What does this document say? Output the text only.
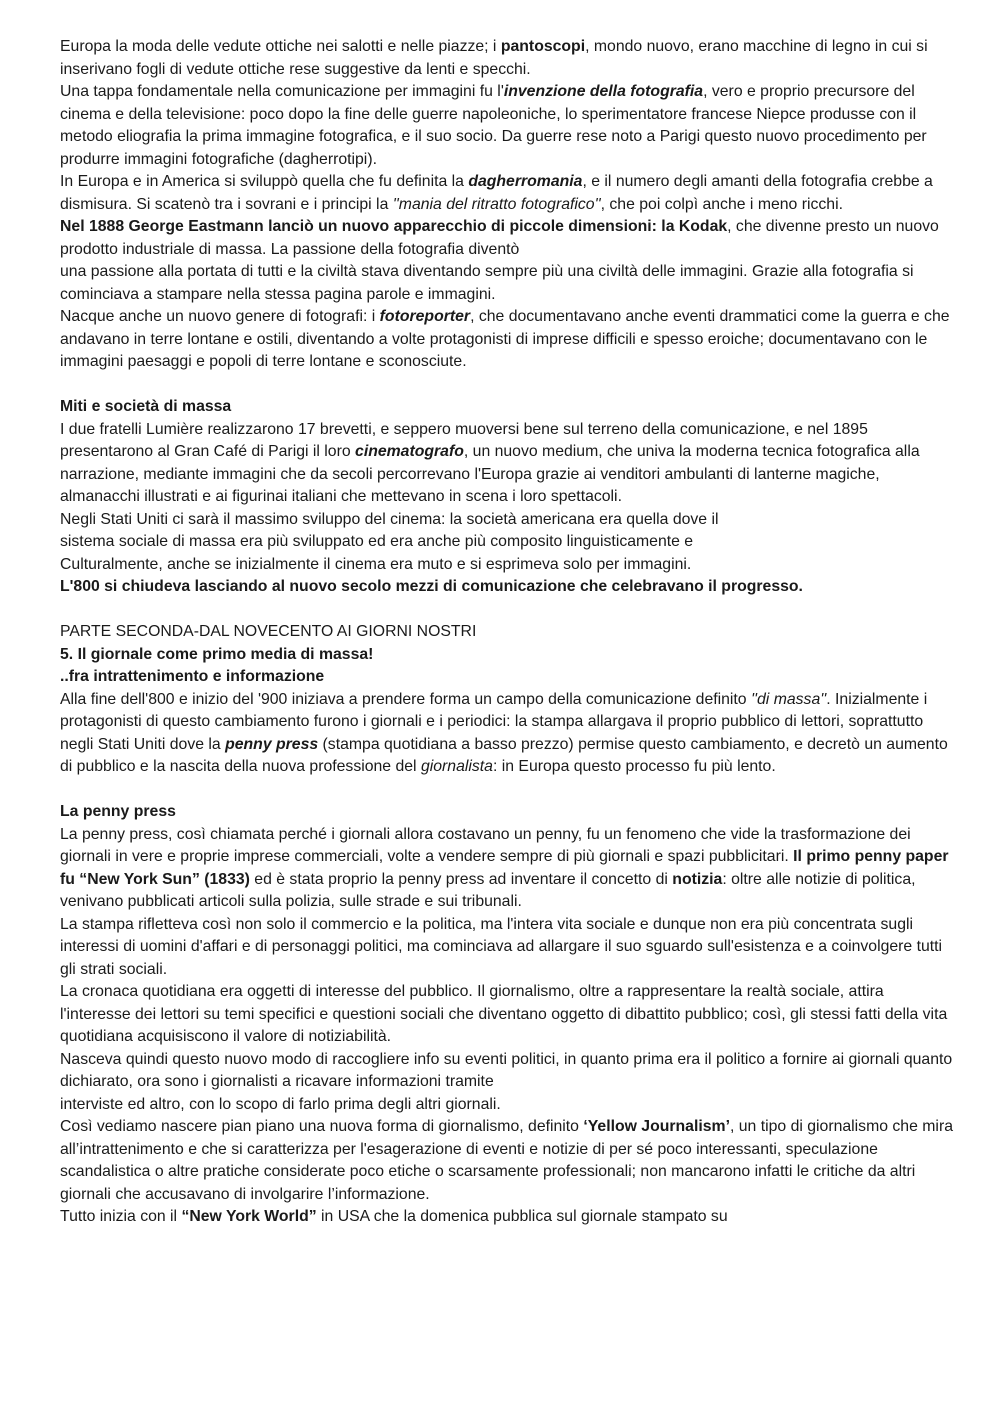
Europa la moda delle vedute ottiche nei salotti e nelle piazze; i pantoscopi, mondo nuovo, erano macchine di legno in cui si inserivano fogli di vedute ottiche rese suggestive da lenti e specchi.

Una tappa fondamentale nella comunicazione per immagini fu l'invenzione della fotografia, vero e proprio precursore del cinema e della televisione: poco dopo la fine delle guerre napoleoniche, lo sperimentatore francese Niepce produsse con il metodo eliografia la prima immagine fotografica, e il suo socio. Da guerre rese noto a Parigi questo nuovo procedimento per produrre immagini fotografiche (dagherrotipi).

In Europa e in America si sviluppò quella che fu definita la dagherromania, e il numero degli amanti della fotografia crebbe a dismisura. Si scatenò tra i sovrani e i principi la ''mania del ritratto fotografico'', che poi colpì anche i meno ricchi.

Nel 1888 George Eastmann lanciò un nuovo apparecchio di piccole dimensioni: la Kodak, che divenne presto un nuovo prodotto industriale di massa. La passione della fotografia diventò

una passione alla portata di tutti e la civiltà stava diventando sempre più una civiltà delle immagini. Grazie alla fotografia si cominciava a stampare nella stessa pagina parole e immagini.

Nacque anche un nuovo genere di fotografi: i fotoreporter, che documentavano anche eventi drammatici come la guerra e che andavano in terre lontane e ostili, diventando a volte protagonisti di imprese difficili e spesso eroiche; documentavano con le immagini paesaggi e popoli di terre lontane e sconosciute.

Miti e società di massa

I due fratelli Lumière realizzarono 17 brevetti, e seppero muoversi bene sul terreno della comunicazione, e nel 1895 presentarono al Gran Café di Parigi il loro cinematografo, un nuovo medium, che univa la moderna tecnica fotografica alla narrazione, mediante immagini che da secoli percorrevano l'Europa grazie ai venditori ambulanti di lanterne magiche, almanacchi illustrati e ai figurinai italiani che mettevano in scena i loro spettacoli.

Negli Stati Uniti ci sarà il massimo sviluppo del cinema: la società americana era quella dove il

sistema sociale di massa era più sviluppato ed era anche più composito linguisticamente e

Culturalmente, anche se inizialmente il cinema era muto e si esprimeva solo per immagini.

L'800 si chiudeva lasciando al nuovo secolo mezzi di comunicazione che celebravano il progresso.

PARTE SECONDA-DAL NOVECENTO AI GIORNI NOSTRI

5. Il giornale come primo media di massa!

..fra intrattenimento e informazione

Alla fine dell'800 e inizio del '900 iniziava a prendere forma un campo della comunicazione definito ''di massa''. Inizialmente i protagonisti di questo cambiamento furono i giornali e i periodici: la stampa allargava il proprio pubblico di lettori, soprattutto negli Stati Uniti dove la penny press (stampa quotidiana a basso prezzo) permise questo cambiamento, e decretò un aumento di pubblico e la nascita della nuova professione del giornalista: in Europa questo processo fu più lento.

La penny press

La penny press, così chiamata perché i giornali allora costavano un penny, fu un fenomeno che vide la trasformazione dei giornali in vere e proprie imprese commerciali, volte a vendere sempre di più giornali e spazi pubblicitari. Il primo penny paper fu “New York Sun” (1833) ed è stata proprio la penny press ad inventare il concetto di notizia: oltre alle notizie di politica, venivano pubblicati articoli sulla polizia, sulle strade e sui tribunali.

La stampa rifletteva così non solo il commercio e la politica, ma l'intera vita sociale e dunque non era più concentrata sugli interessi di uomini d'affari e di personaggi politici, ma cominciava ad allargare il suo sguardo sull'esistenza e a coinvolgere tutti gli strati sociali.

La cronaca quotidiana era oggetti di interesse del pubblico. Il giornalismo, oltre a rappresentare la realtà sociale, attira l'interesse dei lettori su temi specifici e questioni sociali che diventano oggetto di dibattito pubblico; così, gli stessi fatti della vita quotidiana acquisiscono il valore di notiziabilità.

Nasceva quindi questo nuovo modo di raccogliere info su eventi politici, in quanto prima era il politico a fornire ai giornali quanto dichiarato, ora sono i giornalisti a ricavare informazioni tramite

interviste ed altro, con lo scopo di farlo prima degli altri giornali.

Così vediamo nascere pian piano una nuova forma di giornalismo, definito ‘Yellow Journalism’, un tipo di giornalismo che mira all’intrattenimento e che si caratterizza per l'esagerazione di eventi e notizie di per sé poco interessanti, speculazione scandalistica o altre pratiche considerate poco etiche o scarsamente professionali; non mancarono infatti le critiche da altri giornali che accusavano di involgarire l’informazione.

Tutto inizia con il “New York World” in USA che la domenica pubblica sul giornale stampato su
